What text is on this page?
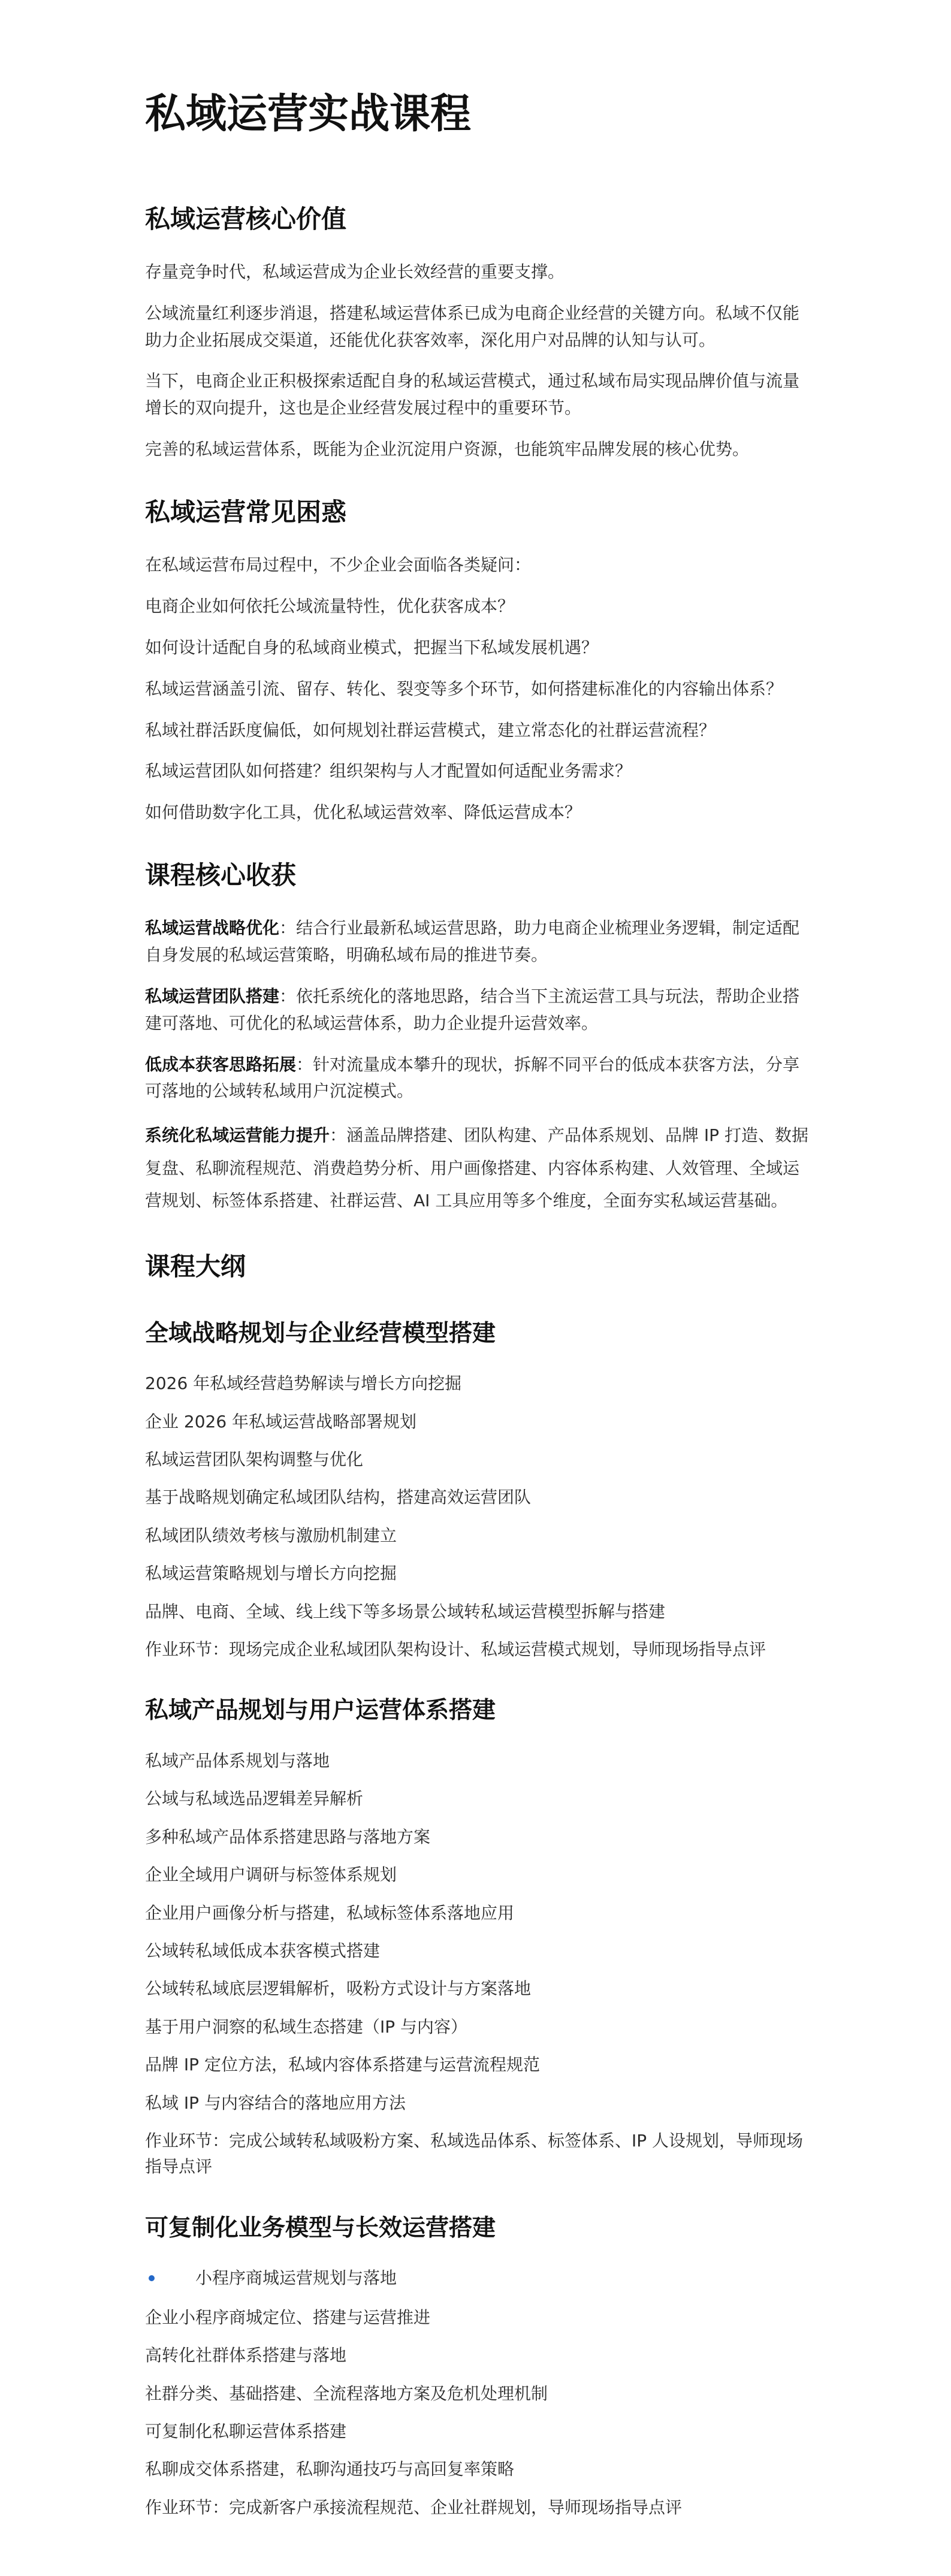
私域运营实战课程
私域运营核心价值

存量竞争时代，私域运营成为企业长效经营的重要支撑。

公域流量红利逐步消退，搭建私域运营体系已成为电商企业经营的关键方向。私域不仅能助力企业拓展成交渠道，还能优化获客效率，深化用户对品牌的认知与认可。

当下，电商企业正积极探索适配自身的私域运营模式，通过私域布局实现品牌价值与流量增长的双向提升，这也是企业经营发展过程中的重要环节。

完善的私域运营体系，既能为企业沉淀用户资源，也能筑牢品牌发展的核心优势。

私域运营常见困惑

在私域运营布局过程中，不少企业会面临各类疑问：

电商企业如何依托公域流量特性，优化获客成本？

如何设计适配自身的私域商业模式，把握当下私域发展机遇？

私域运营涵盖引流、留存、转化、裂变等多个环节，如何搭建标准化的内容输出体系？

私域社群活跃度偏低，如何规划社群运营模式，建立常态化的社群运营流程？

私域运营团队如何搭建？组织架构与人才配置如何适配业务需求？

如何借助数字化工具，优化私域运营效率、降低运营成本？

课程核心收获

私域运营战略优化：结合行业最新私域运营思路，助力电商企业梳理业务逻辑，制定适配自身发展的私域运营策略，明确私域布局的推进节奏。

私域运营团队搭建：依托系统化的落地思路，结合当下主流运营工具与玩法，帮助企业搭建可落地、可优化的私域运营体系，助力企业提升运营效率。

低成本获客思路拓展：针对流量成本攀升的现状，拆解不同平台的低成本获客方法，分享可落地的公域转私域用户沉淀模式。

系统化私域运营能力提升：涵盖品牌搭建、团队构建、产品体系规划、品牌 IP 打造、数据复盘、私聊流程规范、消费趋势分析、用户画像搭建、内容体系构建、人效管理、全域运营规划、标签体系搭建、社群运营、AI 工具应用等多个维度，全面夯实私域运营基础。

课程大纲
全域战略规划与企业经营模型搭建

2026 年私域经营趋势解读与增长方向挖掘

企业 2026 年私域运营战略部署规划

私域运营团队架构调整与优化

基于战略规划确定私域团队结构，搭建高效运营团队

私域团队绩效考核与激励机制建立

私域运营策略规划与增长方向挖掘

品牌、电商、全域、线上线下等多场景公域转私域运营模型拆解与搭建

作业环节：现场完成企业私域团队架构设计、私域运营模式规划，导师现场指导点评

私域产品规划与用户运营体系搭建

私域产品体系规划与落地

公域与私域选品逻辑差异解析

多种私域产品体系搭建思路与落地方案

企业全域用户调研与标签体系规划

企业用户画像分析与搭建，私域标签体系落地应用

公域转私域低成本获客模式搭建

公域转私域底层逻辑解析，吸粉方式设计与方案落地

基于用户洞察的私域生态搭建（IP 与内容）

品牌 IP 定位方法，私域内容体系搭建与运营流程规范

私域 IP 与内容结合的落地应用方法

作业环节：完成公域转私域吸粉方案、私域选品体系、标签体系、IP 人设规划，导师现场指导点评

可复制化业务模型与长效运营搭建
小程序商城运营规划与落地

企业小程序商城定位、搭建与运营推进

高转化社群体系搭建与落地

社群分类、基础搭建、全流程落地方案及危机处理机制

可复制化私聊运营体系搭建

私聊成交体系搭建，私聊沟通技巧与高回复率策略

作业环节：完成新客户承接流程规范、企业社群规划，导师现场指导点评
